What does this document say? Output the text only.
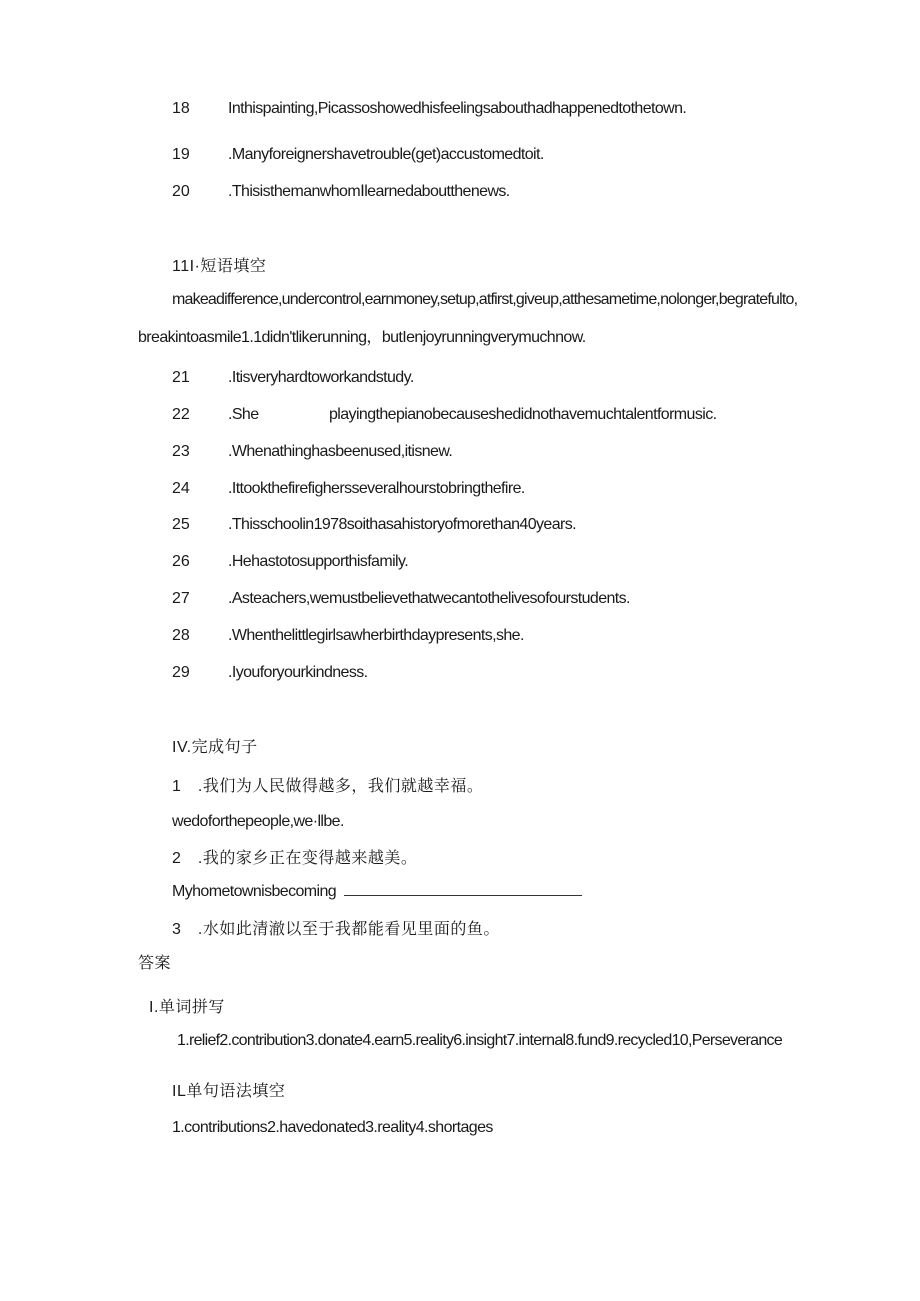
18 Inthispainting,Picassoshowedhisfeelingsabouthadhappenedtothetown.
19 .Manyforeignershavetrouble(get)accustomedtoit.
20 .ThisisthemanwhomⅠlearnedaboutthenews.
11I·短语填空
makeadifference,undercontrol,earnmoney,setup,atfirst,giveup,atthesametime,nolonger,begratefulto,
breakintoasmile1.1didn'tlikerunning，butIenjoyrunningverymuchnow.
21 .Itisveryhardtoworkandstudy.
22 .She	playingthepianobecauseshedidnothavemuchtalentformusic.
23 .Whenathinghasbeenused,itisnew.
24 .Ittookthefirefighersseveralhourstobringthefire.
25 .Thisschoolin1978soithasahistoryofmorethan40years.
26 .Hehastotosupporthisfamily.
27 .Asteachers,wemustbelievethatwecantothelivesofourstudents.
28 .Whenthelittlegirlsawherbirthdaypresents,she.
29 .Iyouforyourkindness.
IV.完成句子
1　.我们为人民做得越多，我们就越幸福。
wedoforthepeople,we·llbe.
2　.我的家乡正在变得越来越美。
Myhometownisbecoming
3　.水如此清澈以至于我都能看见里面的鱼。
答案
I.单词拼写
1.relief2.contribution3.donate4.earn5.reality6.insight7.internal8.fund9.recycled10,Perseverance
IL单句语法填空
1.contributions2.havedonated3.reality4.shortages
